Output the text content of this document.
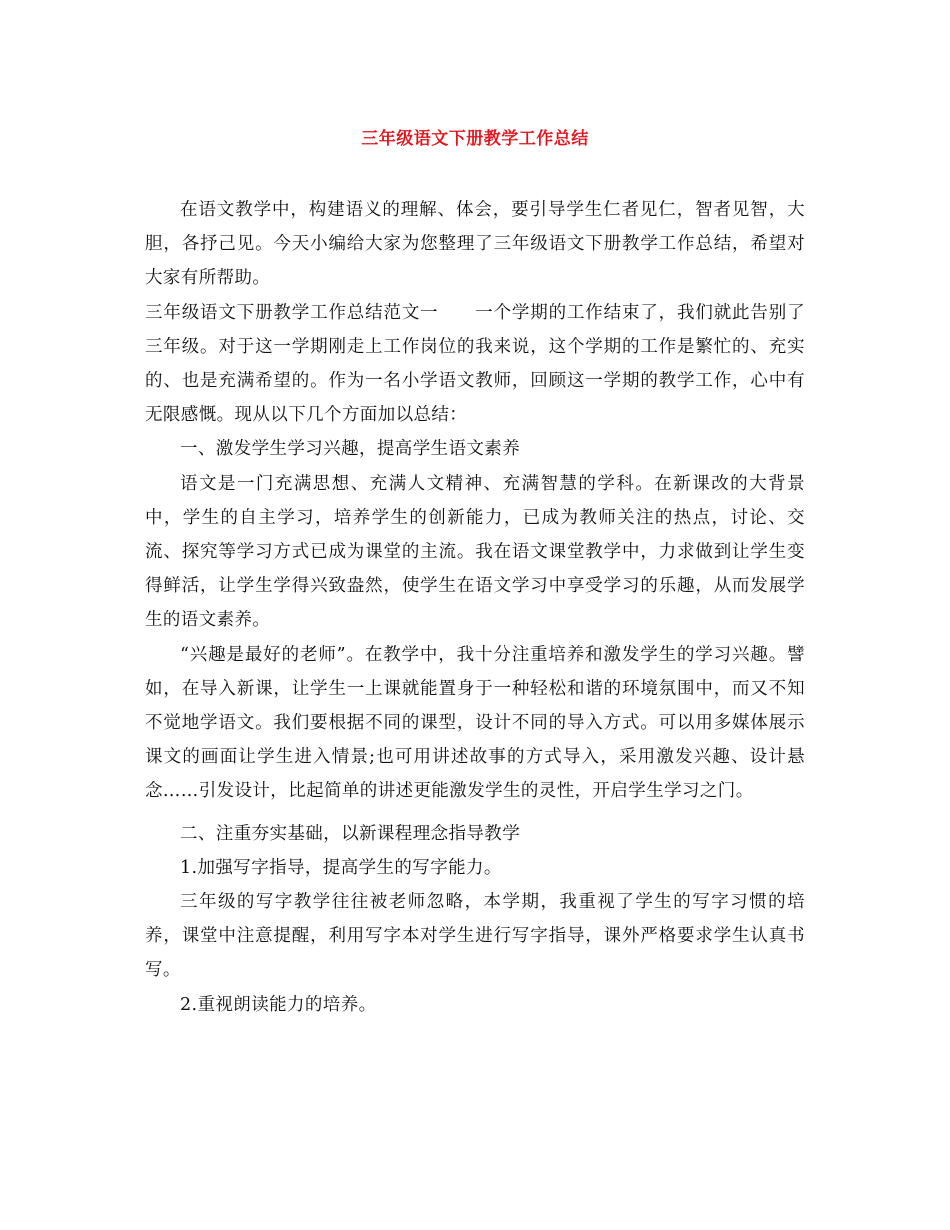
三年级语文下册教学工作总结

在语文教学中，构建语义的理解、体会，要引导学生仁者见仁，智者见智，大胆，各抒己见。今天小编给大家为您整理了三年级语文下册教学工作总结，希望对大家有所帮助。

三年级语文下册教学工作总结范文一　　一个学期的工作结束了，我们就此告别了三年级。对于这一学期刚走上工作岗位的我来说，这个学期的工作是繁忙的、充实的、也是充满希望的。作为一名小学语文教师，回顾这一学期的教学工作，心中有无限感慨。现从以下几个方面加以总结：

一、激发学生学习兴趣，提高学生语文素养

语文是一门充满思想、充满人文精神、充满智慧的学科。在新课改的大背景中，学生的自主学习，培养学生的创新能力，已成为教师关注的热点，讨论、交流、探究等学习方式已成为课堂的主流。我在语文课堂教学中，力求做到让学生变得鲜活，让学生学得兴致盎然，使学生在语文学习中享受学习的乐趣，从而发展学生的语文素养。

“兴趣是最好的老师”。在教学中，我十分注重培养和激发学生的学习兴趣。譬如，在导入新课，让学生一上课就能置身于一种轻松和谐的环境氛围中，而又不知不觉地学语文。我们要根据不同的课型，设计不同的导入方式。可以用多媒体展示课文的画面让学生进入情景;也可用讲述故事的方式导入，采用激发兴趣、设计悬念……引发设计，比起简单的讲述更能激发学生的灵性，开启学生学习之门。

二、注重夯实基础，以新课程理念指导教学

1.加强写字指导，提高学生的写字能力。

三年级的写字教学往往被老师忽略，本学期，我重视了学生的写字习惯的培养，课堂中注意提醒，利用写字本对学生进行写字指导，课外严格要求学生认真书写。

2.重视朗读能力的培养。
